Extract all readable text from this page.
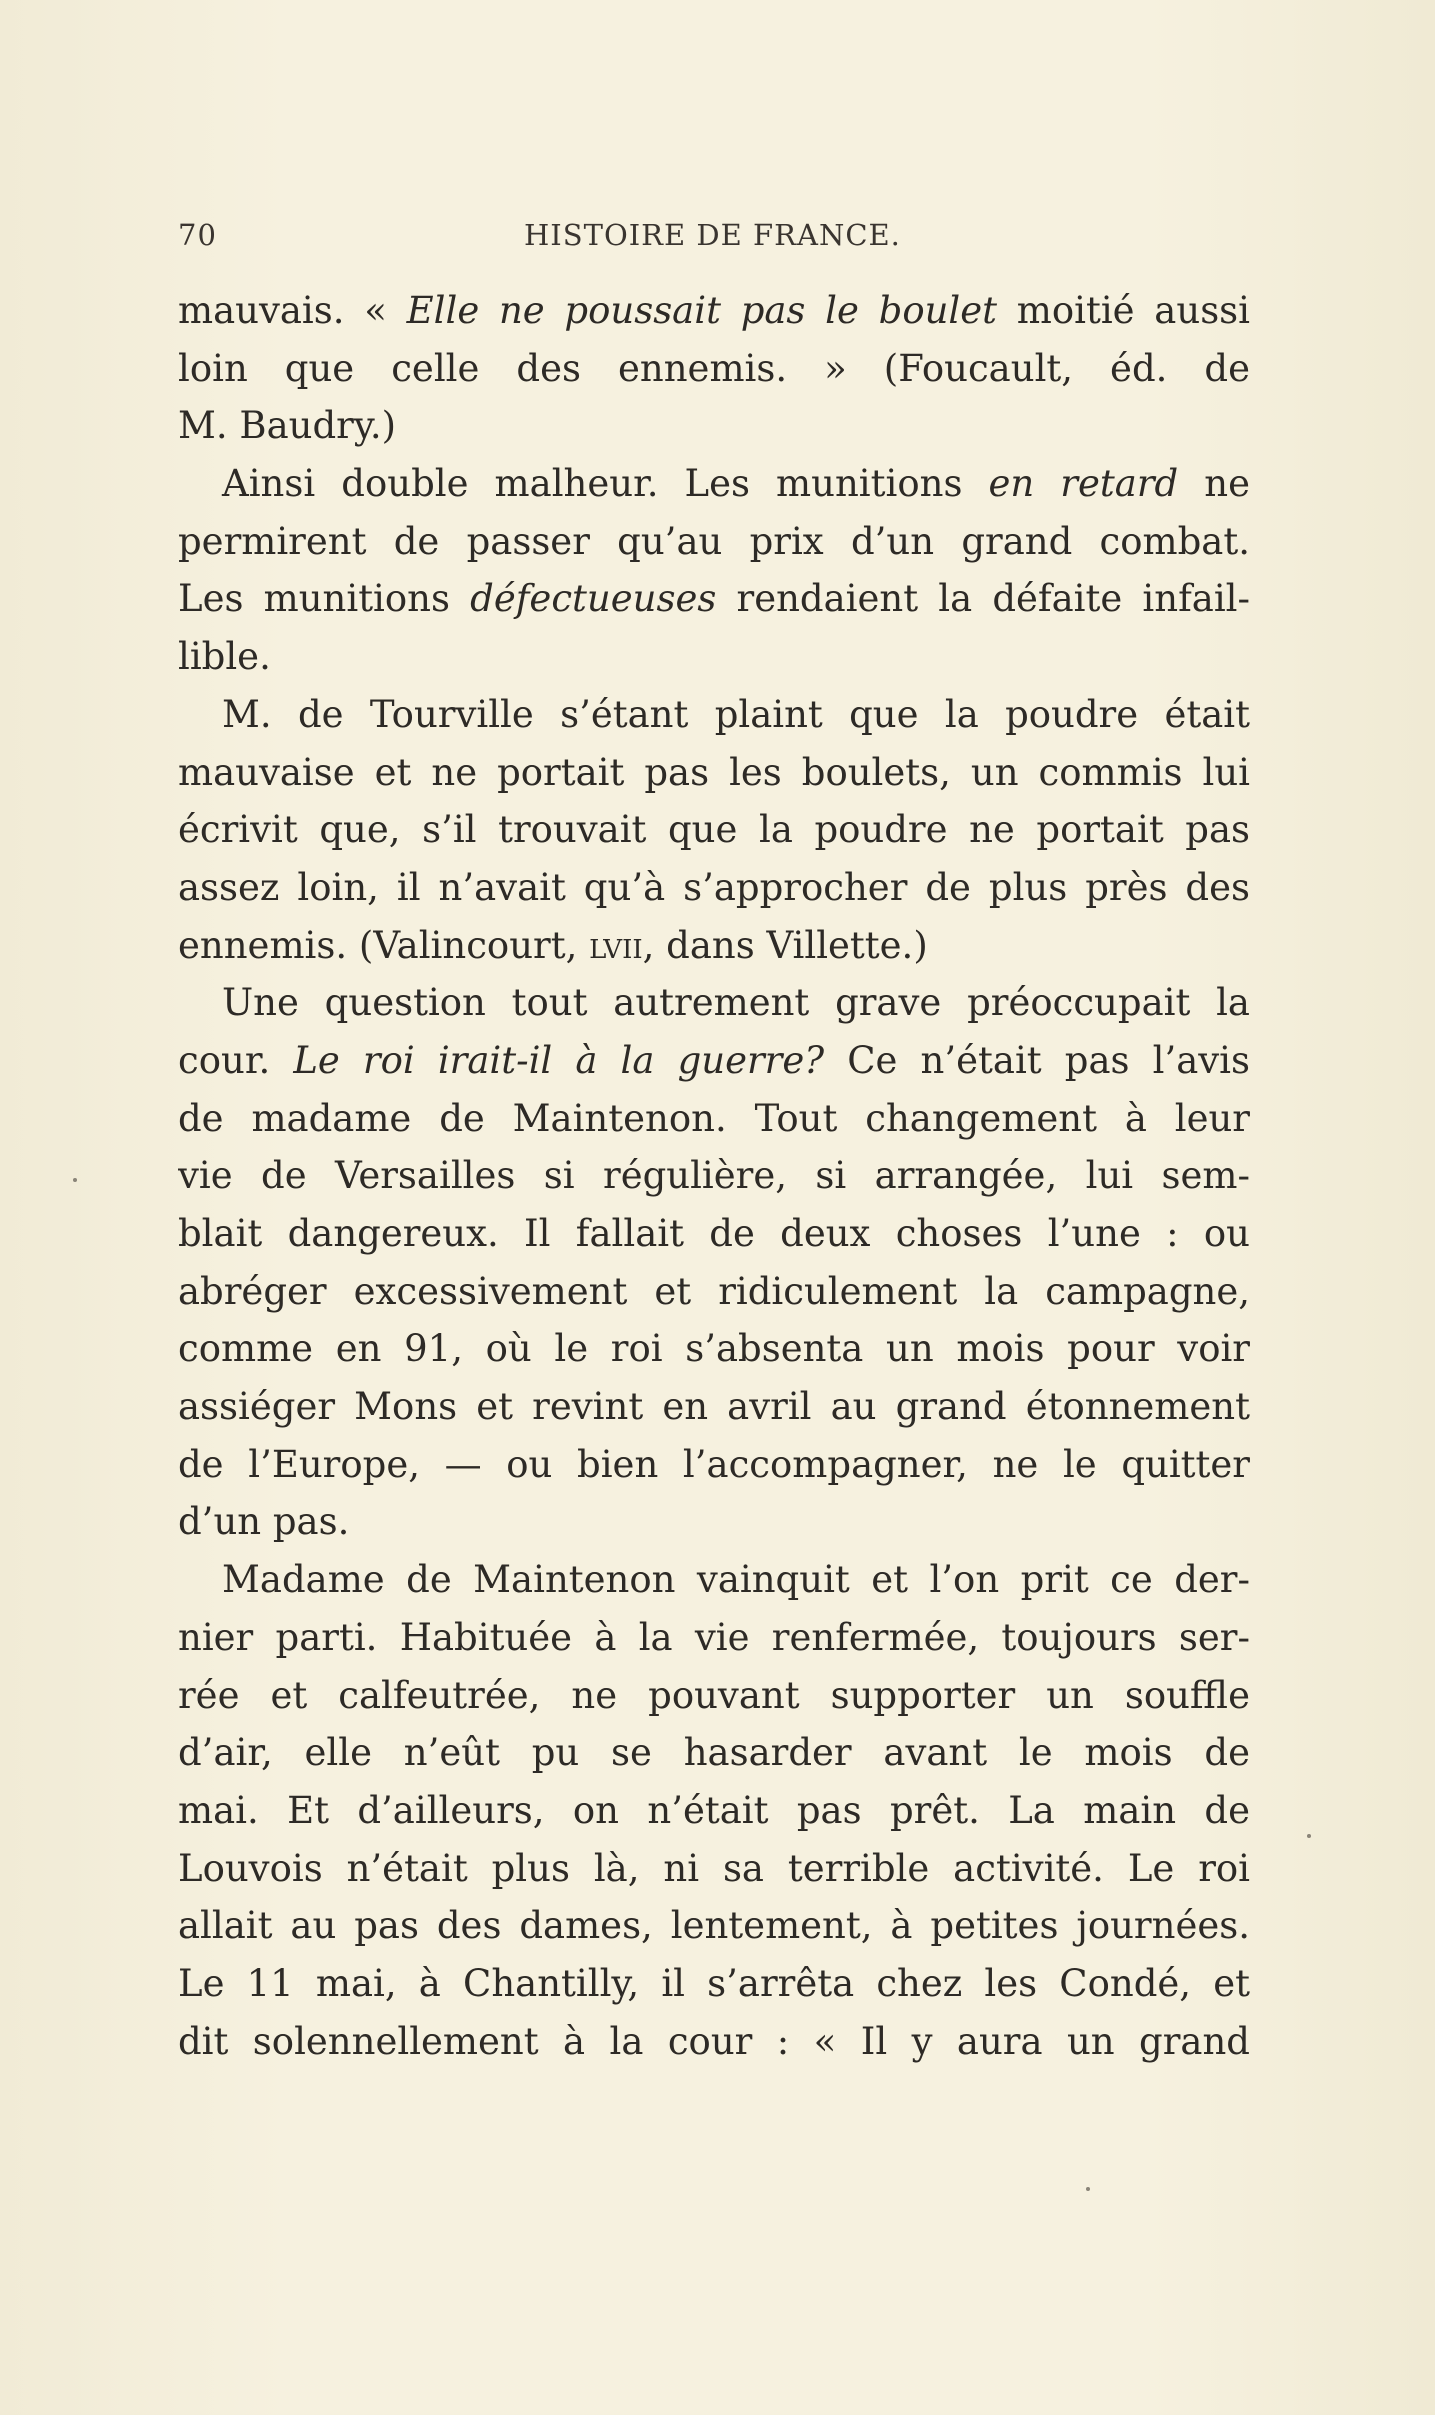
70	HISTOIRE DE FRANCE.
mauvais. « Elle ne poussait pas le boulet moitié aussi
loin que celle des ennemis. » (Foucault, éd. de
M. Baudry.)
Ainsi double malheur. Les munitions en retard ne
permirent de passer qu’au prix d’un grand combat.
Les munitions défectueuses rendaient la défaite infail-
lible.
M. de Tourville s’étant plaint que la poudre était
mauvaise et ne portait pas les boulets, un commis lui
écrivit que, s’il trouvait que la poudre ne portait pas
assez loin, il n’avait qu’à s’approcher de plus près des
ennemis. (Valincourt, lvii, dans Villette.)
Une question tout autrement grave préoccupait la
cour. Le roi irait-il à la guerre? Ce n’était pas l’avis
de madame de Maintenon. Tout changement à leur
vie de Versailles si régulière, si arrangée, lui sem-
blait dangereux. Il fallait de deux choses l’une : ou
abréger excessivement et ridiculement la campagne,
comme en 91, où le roi s’absenta un mois pour voir
assiéger Mons et revint en avril au grand étonnement
de l’Europe, — ou bien l’accompagner, ne le quitter
d’un pas.
Madame de Maintenon vainquit et l’on prit ce der-
nier parti. Habituée à la vie renfermée, toujours ser-
rée et calfeutrée, ne pouvant supporter un souffle
d’air, elle n’eût pu se hasarder avant le mois de
mai. Et d’ailleurs, on n’était pas prêt. La main de
Louvois n’était plus là, ni sa terrible activité. Le roi
allait au pas des dames, lentement, à petites journées.
Le 11 mai, à Chantilly, il s’arrêta chez les Condé, et
dit solennellement à la cour : « Il y aura un grand
